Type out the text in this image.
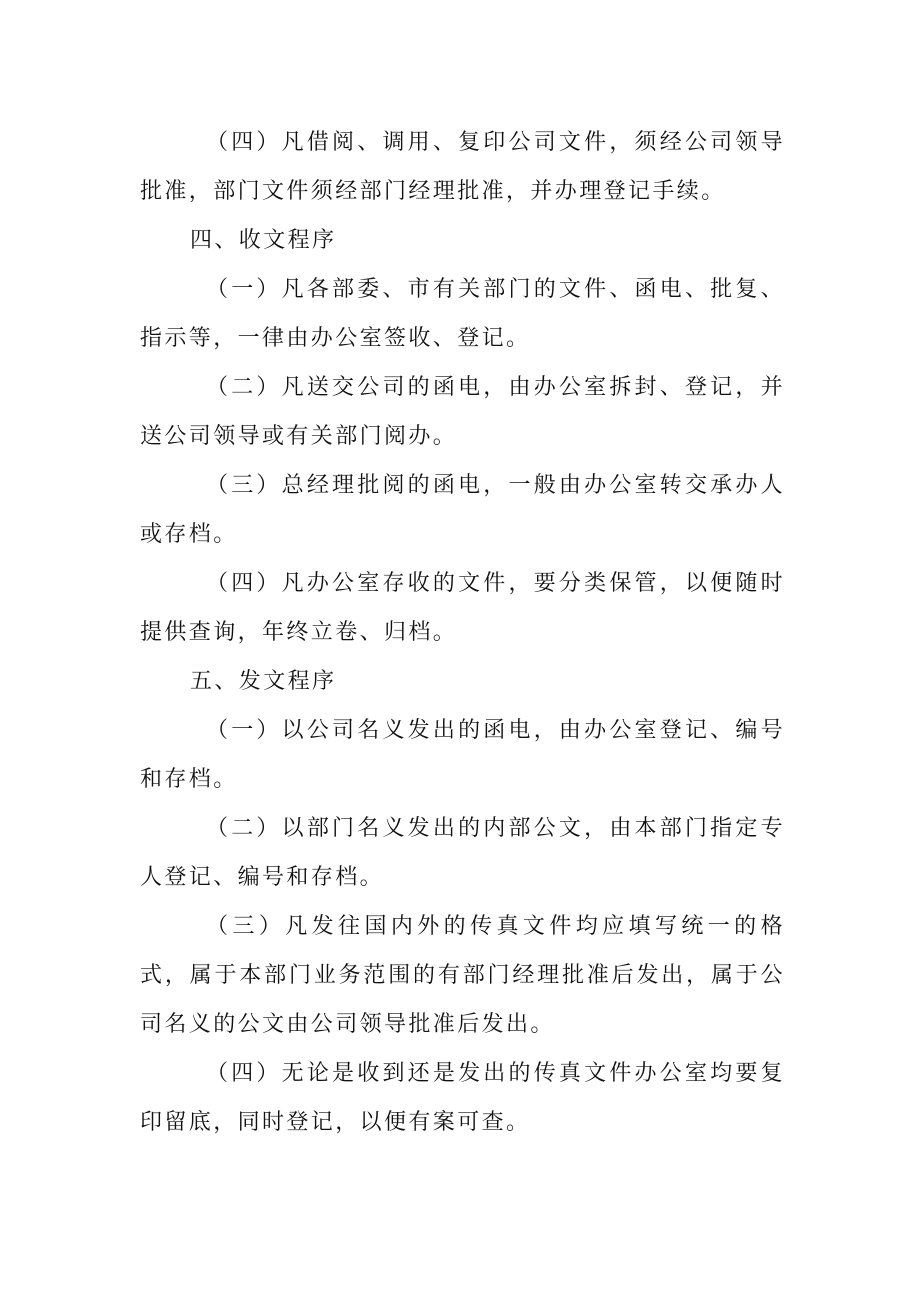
（四）凡借阅、调用、复印公司文件，须经公司领导批准，部门文件须经部门经理批准，并办理登记手续。

四、收文程序

（一）凡各部委、市有关部门的文件、函电、批复、指示等，一律由办公室签收、登记。

（二）凡送交公司的函电，由办公室拆封、登记，并送公司领导或有关部门阅办。

（三）总经理批阅的函电，一般由办公室转交承办人或存档。

（四）凡办公室存收的文件，要分类保管，以便随时提供查询，年终立卷、归档。

五、发文程序

（一）以公司名义发出的函电，由办公室登记、编号和存档。

（二）以部门名义发出的内部公文，由本部门指定专人登记、编号和存档。

（三）凡发往国内外的传真文件均应填写统一的格式，属于本部门业务范围的有部门经理批准后发出，属于公司名义的公文由公司领导批准后发出。

（四）无论是收到还是发出的传真文件办公室均要复印留底，同时登记，以便有案可查。
